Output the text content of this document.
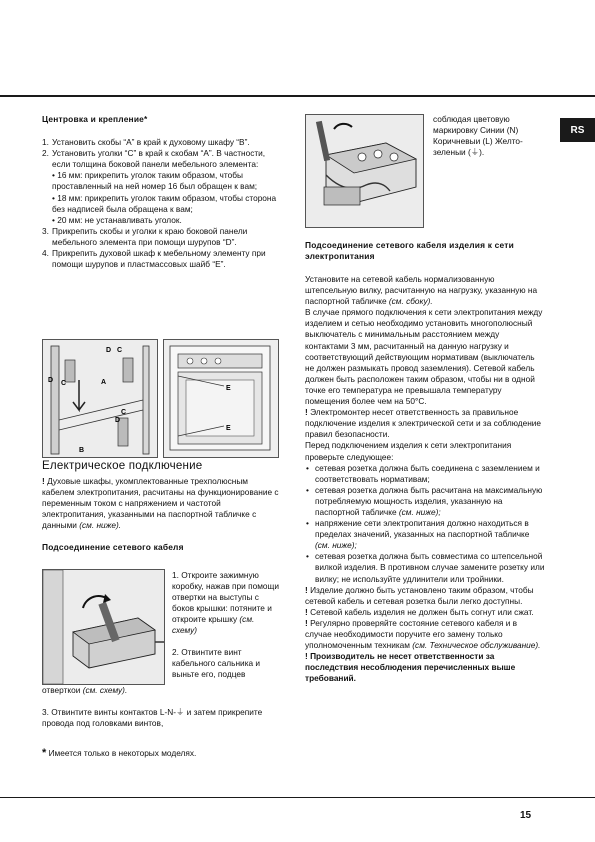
RS

Центровка и крепление*

1. Установить скобы “A” в край к духовому шкафу “B”.
2. Установить уголки “C” в край к скобам “A”. В частности, если толщина боковой панели мебельного элемента:
• 16 мм: прикрепить уголок таким образом, чтобы проставленный на ней номер 16 был обращен к вам;
• 18 мм: прикрепить уголок таким образом, чтобы сторона без надписей была обращена к вам;
• 20 мм: не устанавливать уголок.
3. Прикрепить скобы и уголки к краю боковой панели мебельного элемента при помощи шурупов “D”.
4. Прикрепить духовой шкаф к мебельному элементу при помощи шурупов и пластмассовых шайб “E”.
D C
D C	A
C
D
B
E
E

Електрическое подключение

! Духовые шкафы, укомплектованные трехполюсным кабелем электропитания, расчитаны на функционирование с переменным током с напряжением и частотой электропитания, указанными на паспортной табличке с данными (см. ниже).

Подсоединение сетевого кабеля

1. Откроите зажимную коробку, нажав при помощи отвертки на выступы с боков крышки: потяните и откроите крышку (см. схему)

2. Отвинтите винт кабельного сальника и выньте его, подцев

отверткои (см. схему).

3. Отвинтите винты контактов L-N-⏚ и затем прикрепите провода под головками винтов,

* Имеется только в некоторых моделях.

соблюдая цветовую маркировку Синии (N) Коричневыи (L) Желто-зеленыи (⏚).

Подсоединение сетевого кабеля изделия к сети электропитания

Установите на сетевой кабель нормализованную штепсельную вилку, расчитанную на нагрузку, указанную на паспортной табличке (см. сбоку).

В случае прямого подключения к сети электропитания между изделием и сетью необходимо установить многополюсный выключатель с минимальным расстоянием между контактами 3 мм, расчитанный на данную нагрузку и соответствующий действующим нормативам (выключатель не должен размыкать провод заземления). Сетевой кабель должен быть расположен таким образом, чтобы ни в одной точке его температура не превышала температуру помещения более чем на 50°C.

! Электромонтер несет ответственность за правильное подключение изделия к электрической сети и за соблюдение правил безопасности.

Перед подключением изделия к сети электропитания проверьте следующее:

• сетевая розетка должна быть соединена с заземлением и соответствовать нормативам;
• сетевая розетка должна быть расчитана на максимальную потребляемую мощность изделия, указанную на паспортной табличке (см. ниже);
• напряжение сети электропитания должно находиться в пределах значений, указанных на паспортной табличке (см. ниже);
• сетевая розетка должна быть совместима со штепсельной вилкой изделия. В противном случае замените розетку или вилку; не используйте удлинители или тройники.

! Изделие должно быть установлено таким образом, чтобы сетевой кабель и сетевая розетка были легко доступны.

! Сетевой кабель изделия не должен быть согнут или сжат.

! Регулярно проверяйте состояние сетевого кабеля и в случае необходимости поручите его замену только уполномоченным техникам (см. Техническое обслуживание).

! Производитель не несет ответственности за последствия несоблюдения перечисленных выше требований.

15
